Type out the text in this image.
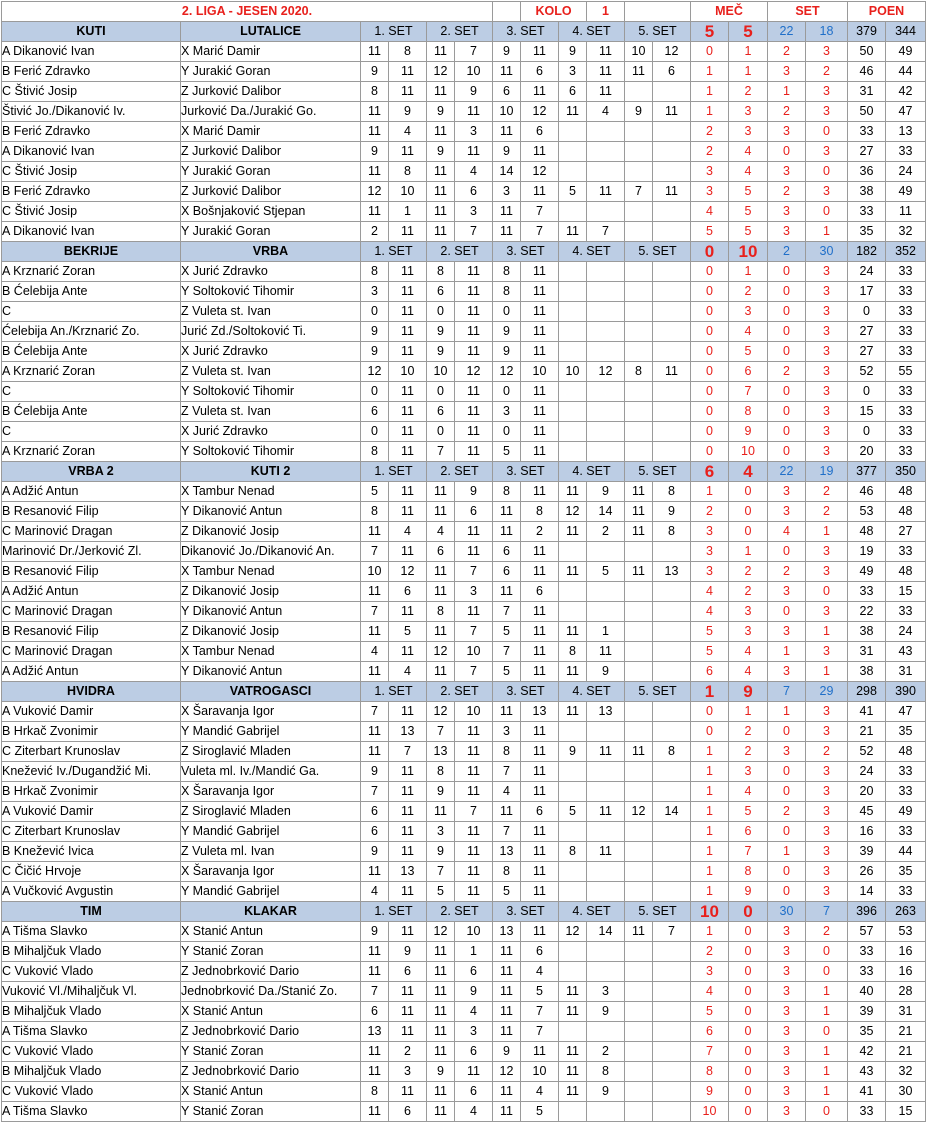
2. LIGA - JESEN 2020.							KOLO		1			MEČ		SET		POEN	
KUTI	LUTALICE	1. SET		2. SET		3. SET		4. SET		5. SET		5	5	22	18	379	344
A Dikanović Ivan	X Marić Damir	11	8	11	7	9	11	9	11	10	12	0	1	2	3	50	49
B Ferić Zdravko	Y Jurakić Goran	9	11	12	10	11	6	3	11	11	6	1	1	3	2	46	44
C Štivić Josip	Z Jurković Dalibor	8	11	11	9	6	11	6	11			1	2	1	3	31	42
Štivić Jo./Dikanović Iv.	Jurković Da./Jurakić Go.	11	9	9	11	10	12	11	4	9	11	1	3	2	3	50	47
B Ferić Zdravko	X Marić Damir	11	4	11	3	11	6					2	3	3	0	33	13
A Dikanović Ivan	Z Jurković Dalibor	9	11	9	11	9	11					2	4	0	3	27	33
C Štivić Josip	Y Jurakić Goran	11	8	11	4	14	12					3	4	3	0	36	24
B Ferić Zdravko	Z Jurković Dalibor	12	10	11	6	3	11	5	11	7	11	3	5	2	3	38	49
C Štivić Josip	X Bošnjaković Stjepan	11	1	11	3	11	7					4	5	3	0	33	11
A Dikanović Ivan	Y Jurakić Goran	2	11	11	7	11	7	11	7			5	5	3	1	35	32
BEKRIJE	VRBA	1. SET		2. SET		3. SET		4. SET		5. SET		0	10	2	30	182	352
A Krznarić Zoran	X Jurić Zdravko	8	11	8	11	8	11					0	1	0	3	24	33
B Ćelebija Ante	Y Soltoković Tihomir	3	11	6	11	8	11					0	2	0	3	17	33
C	Z Vuleta st. Ivan	0	11	0	11	0	11					0	3	0	3	0	33
Ćelebija An./Krznarić Zo.	Jurić Zd./Soltoković Ti.	9	11	9	11	9	11					0	4	0	3	27	33
B Ćelebija Ante	X Jurić Zdravko	9	11	9	11	9	11					0	5	0	3	27	33
A Krznarić Zoran	Z Vuleta st. Ivan	12	10	10	12	12	10	10	12	8	11	0	6	2	3	52	55
C	Y Soltoković Tihomir	0	11	0	11	0	11					0	7	0	3	0	33
B Ćelebija Ante	Z Vuleta st. Ivan	6	11	6	11	3	11					0	8	0	3	15	33
C	X Jurić Zdravko	0	11	0	11	0	11					0	9	0	3	0	33
A Krznarić Zoran	Y Soltoković Tihomir	8	11	7	11	5	11					0	10	0	3	20	33
VRBA 2	KUTI 2	1. SET		2. SET		3. SET		4. SET		5. SET		6	4	22	19	377	350
A Adžić Antun	X Tambur Nenad	5	11	11	9	8	11	11	9	11	8	1	0	3	2	46	48
B Resanović Filip	Y Dikanović Antun	8	11	11	6	11	8	12	14	11	9	2	0	3	2	53	48
C Marinović Dragan	Z Dikanović Josip	11	4	4	11	11	2	11	2	11	8	3	0	4	1	48	27
Marinović Dr./Jerković Zl.	Dikanović Jo./Dikanović An.	7	11	6	11	6	11					3	1	0	3	19	33
B Resanović Filip	X Tambur Nenad	10	12	11	7	6	11	11	5	11	13	3	2	2	3	49	48
A Adžić Antun	Z Dikanović Josip	11	6	11	3	11	6					4	2	3	0	33	15
C Marinović Dragan	Y Dikanović Antun	7	11	8	11	7	11					4	3	0	3	22	33
B Resanović Filip	Z Dikanović Josip	11	5	11	7	5	11	11	1			5	3	3	1	38	24
C Marinović Dragan	X Tambur Nenad	4	11	12	10	7	11	8	11			5	4	1	3	31	43
A Adžić Antun	Y Dikanović Antun	11	4	11	7	5	11	11	9			6	4	3	1	38	31
HVIDRA	VATROGASCI	1. SET		2. SET		3. SET		4. SET		5. SET		1	9	7	29	298	390
A Vuković Damir	X Šaravanja Igor	7	11	12	10	11	13	11	13			0	1	1	3	41	47
B Hrkač Zvonimir	Y Mandić Gabrijel	11	13	7	11	3	11					0	2	0	3	21	35
C Ziterbart Krunoslav	Z Siroglavić Mladen	11	7	13	11	8	11	9	11	11	8	1	2	3	2	52	48
Knežević Iv./Dugandžić Mi.	Vuleta ml. Iv./Mandić Ga.	9	11	8	11	7	11					1	3	0	3	24	33
B Hrkač Zvonimir	X Šaravanja Igor	7	11	9	11	4	11					1	4	0	3	20	33
A Vuković Damir	Z Siroglavić Mladen	6	11	11	7	11	6	5	11	12	14	1	5	2	3	45	49
C Ziterbart Krunoslav	Y Mandić Gabrijel	6	11	3	11	7	11					1	6	0	3	16	33
B Knežević Ivica	Z Vuleta ml. Ivan	9	11	9	11	13	11	8	11			1	7	1	3	39	44
C Čičić Hrvoje	X Šaravanja Igor	11	13	7	11	8	11					1	8	0	3	26	35
A Vučković Avgustin	Y Mandić Gabrijel	4	11	5	11	5	11					1	9	0	3	14	33
TIM	KLAKAR	1. SET		2. SET		3. SET		4. SET		5. SET		10	0	30	7	396	263
A Tišma Slavko	X Stanić Antun	9	11	12	10	13	11	12	14	11	7	1	0	3	2	57	53
B Mihaljčuk Vlado	Y Stanić Zoran	11	9	11	1	11	6					2	0	3	0	33	16
C Vuković Vlado	Z Jednobrković Dario	11	6	11	6	11	4					3	0	3	0	33	16
Vuković Vl./Mihaljčuk Vl.	Jednobrković Da./Stanić Zo.	7	11	11	9	11	5	11	3			4	0	3	1	40	28
B Mihaljčuk Vlado	X Stanić Antun	6	11	11	4	11	7	11	9			5	0	3	1	39	31
A Tišma Slavko	Z Jednobrković Dario	13	11	11	3	11	7					6	0	3	0	35	21
C Vuković Vlado	Y Stanić Zoran	11	2	11	6	9	11	11	2			7	0	3	1	42	21
B Mihaljčuk Vlado	Z Jednobrković Dario	11	3	9	11	12	10	11	8			8	0	3	1	43	32
C Vuković Vlado	X Stanić Antun	8	11	11	6	11	4	11	9			9	0	3	1	41	30
A Tišma Slavko	Y Stanić Zoran	11	6	11	4	11	5					10	0	3	0	33	15
